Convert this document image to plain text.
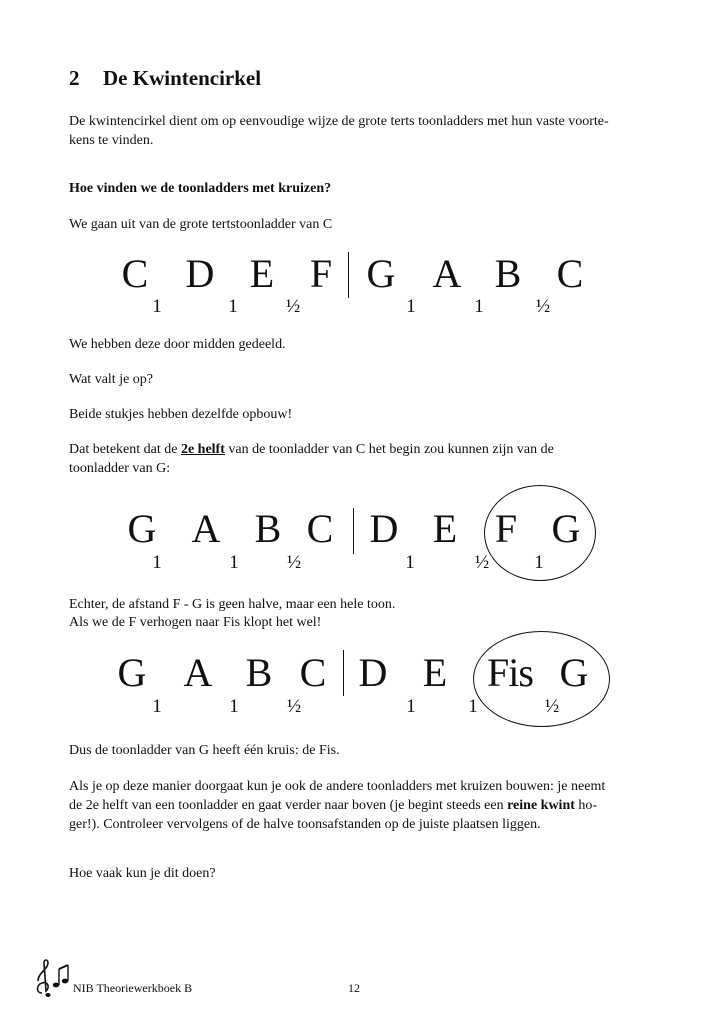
2 De Kwintencirkel
De kwintencirkel dient om op eenvoudige wijze de grote terts toonladders met hun vaste voorte-
kens te vinden.
Hoe vinden we de toonladders met kruizen?
We gaan uit van de grote tertstoonladder van C
C D E F G A B C
1	1	½	1	1	½
We hebben deze door midden gedeeld.
Wat valt je op?
Beide stukjes hebben dezelfde opbouw!
Dat betekent dat de 2e helft van de toonladder van C het begin zou kunnen zijn van de
toonladder van G:
G A B C D E F G
1	1	½	1	½	1
Echter, de afstand F - G is geen halve, maar een hele toon.
Als we de F verhogen naar Fis klopt het wel!
G A B C D E Fis G
1	1	½	1	1	½
Dus de toonladder van G heeft één kruis: de Fis.
Als je op deze manier doorgaat kun je ook de andere toonladders met kruizen bouwen: je neemt
de 2e helft van een toonladder en gaat verder naar boven (je begint steeds een reine kwint ho-
ger!). Controleer vervolgens of de halve toonsafstanden op de juiste plaatsen liggen.
Hoe vaak kun je dit doen?
NIB Theoriewerkboek B	12
